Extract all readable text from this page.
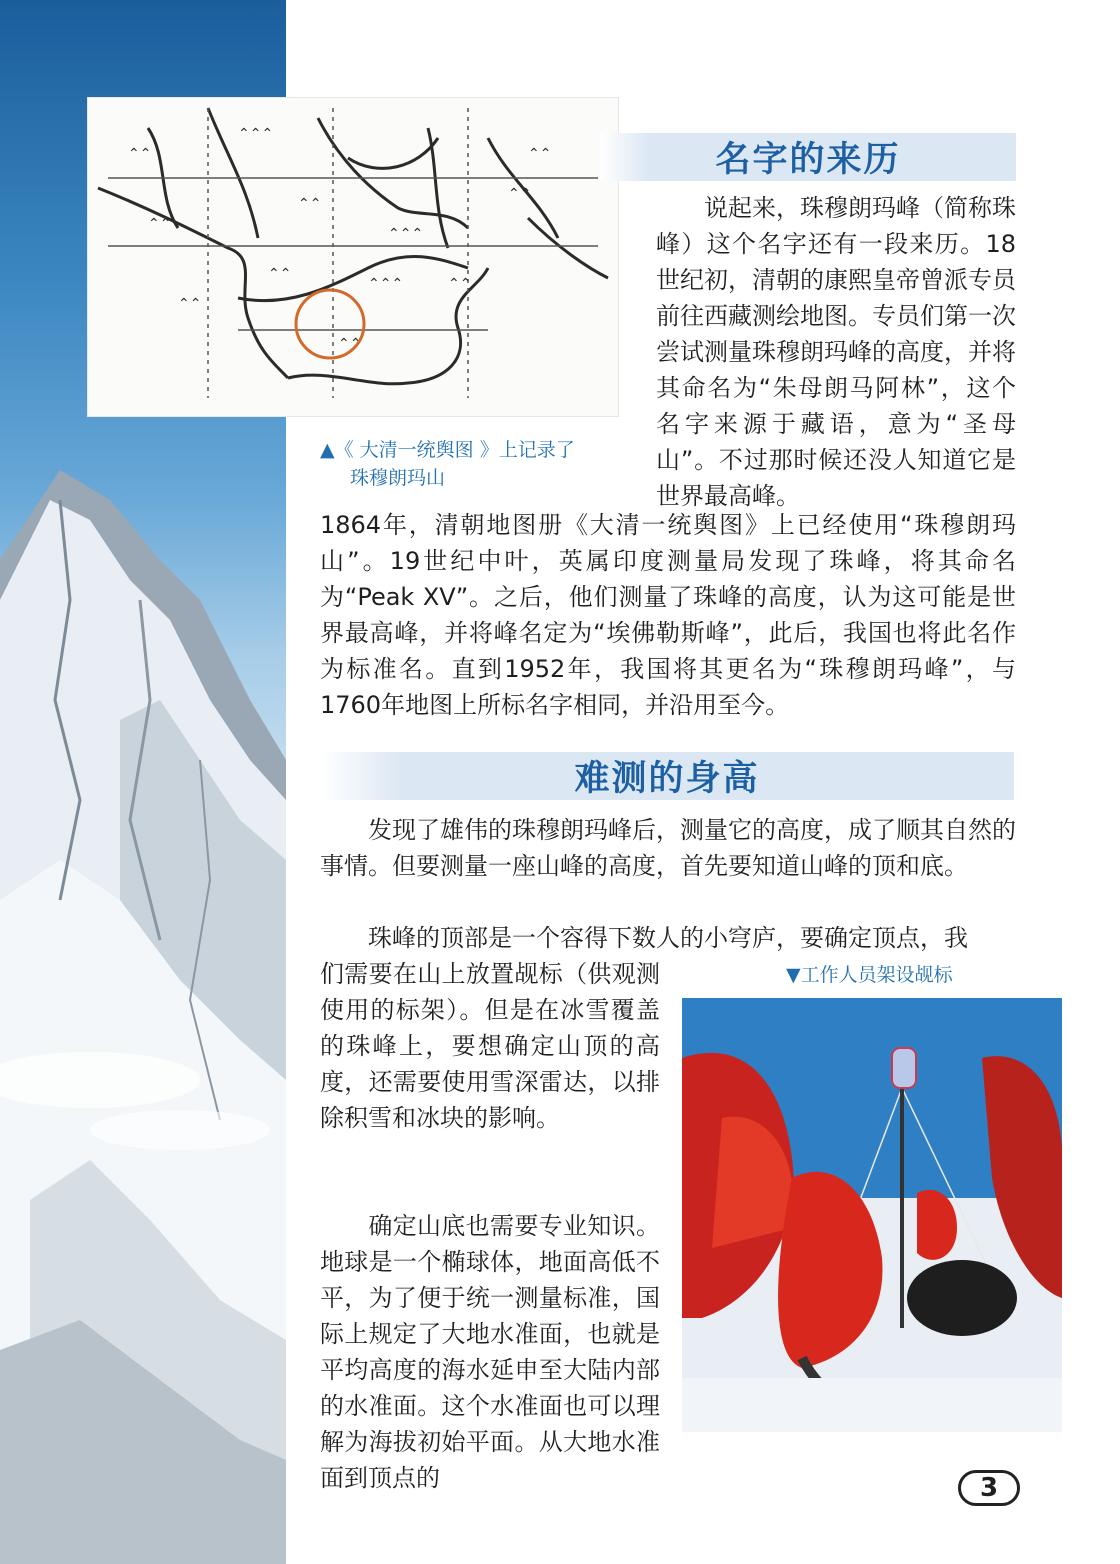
⌃⌃
⌃⌃⌃
⌃⌃
⌃⌃⌃
⌃⌃
⌃⌃
⌃⌃⌃	⌃⌃
⌃⌃
⌃⌃
⌃⌃
⌃⌃
▲《 大清一统舆图 》上记录了
珠穆朗玛山
名字的来历

说起来，珠穆朗玛峰（简称珠峰）这个名字还有一段来历。18世纪初，清朝的康熙皇帝曾派专员前往西藏测绘地图。专员们第一次尝试测量珠穆朗玛峰的高度，并将其命名为“朱母朗马阿林”，这个名字来源于藏语，意为“圣母山”。不过那时候还没人知道它是世界最高峰。

1864年，清朝地图册《大清一统舆图》上已经使用“珠穆朗玛山”。19世纪中叶，英属印度测量局发现了珠峰，将其命名为“Peak XV”。之后，他们测量了珠峰的高度，认为这可能是世界最高峰，并将峰名定为“埃佛勒斯峰”，此后，我国也将此名作为标准名。直到1952年，我国将其更名为“珠穆朗玛峰”，与1760年地图上所标名字相同，并沿用至今。

难测的身高

发现了雄伟的珠穆朗玛峰后，测量它的高度，成了顺其自然的事情。但要测量一座山峰的高度，首先要知道山峰的顶和底。

珠峰的顶部是一个容得下数人的小穹庐，要确定顶点，我

们需要在山上放置觇标（供观测使用的标架）。但是在冰雪覆盖的珠峰上，要想确定山顶的高度，还需要使用雪深雷达，以排除积雪和冰块的影响。

确定山底也需要专业知识。地球是一个椭球体，地面高低不平，为了便于统一测量标准，国际上规定了大地水准面，也就是平均高度的海水延申至大陆内部的水准面。这个水准面也可以理解为海拔初始平面。从大地水准面到顶点的

▼工作人员架设觇标
3
